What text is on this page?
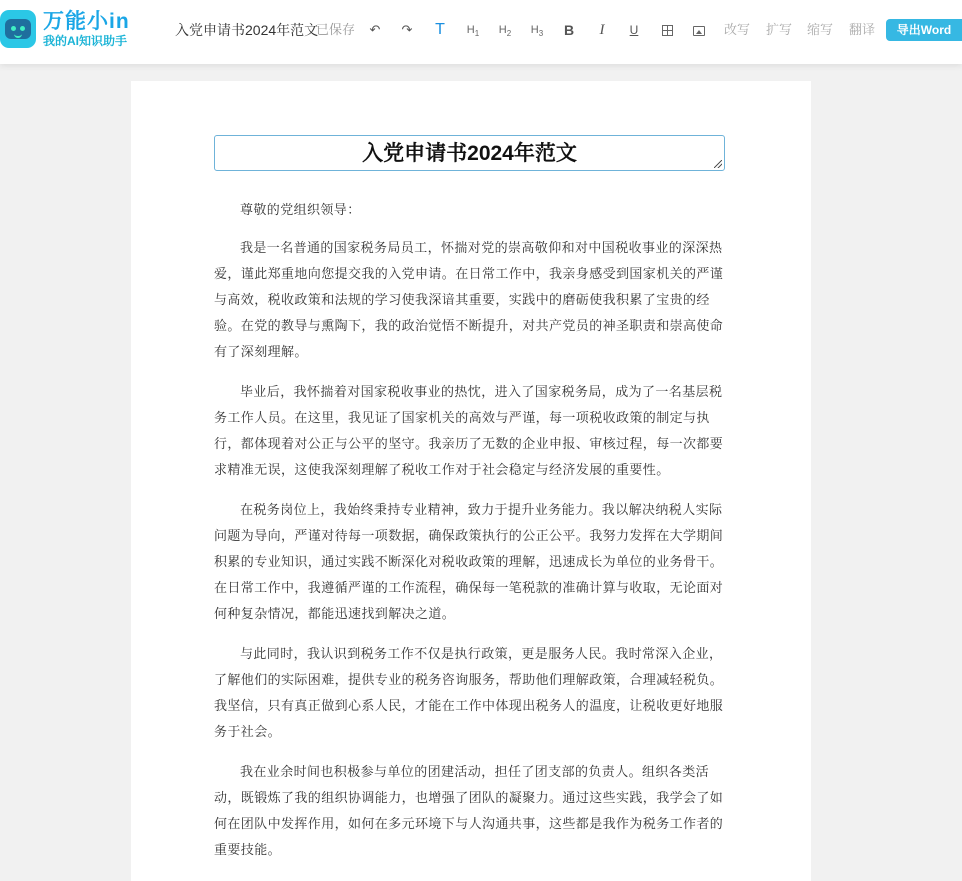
万能小in
我的AI知识助手
入党申请书2024年范文
已保存 ↶ ↷ T	$H_1$ $H_2$ $H_3$ B	I	U	改写 扩写 缩写 翻译	导出Word
入党申请书2024年范文

尊敬的党组织领导：

我是一名普通的国家税务局员工，怀揣对党的崇高敬仰和对中国税收事业的深深热爱，谨此郑重地向您提交我的入党申请。在日常工作中，我亲身感受到国家机关的严谨与高效，税收政策和法规的学习使我深谙其重要，实践中的磨砺使我积累了宝贵的经验。在党的教导与熏陶下，我的政治觉悟不断提升，对共产党员的神圣职责和崇高使命有了深刻理解。

毕业后，我怀揣着对国家税收事业的热忱，进入了国家税务局，成为了一名基层税务工作人员。在这里，我见证了国家机关的高效与严谨，每一项税收政策的制定与执行，都体现着对公正与公平的坚守。我亲历了无数的企业申报、审核过程，每一次都要求精准无误，这使我深刻理解了税收工作对于社会稳定与经济发展的重要性。

在税务岗位上，我始终秉持专业精神，致力于提升业务能力。我以解决纳税人实际问题为导向，严谨对待每一项数据，确保政策执行的公正公平。我努力发挥在大学期间积累的专业知识，通过实践不断深化对税收政策的理解，迅速成长为单位的业务骨干。在日常工作中，我遵循严谨的工作流程，确保每一笔税款的准确计算与收取，无论面对何种复杂情况，都能迅速找到解决之道。

与此同时，我认识到税务工作不仅是执行政策，更是服务人民。我时常深入企业，了解他们的实际困难，提供专业的税务咨询服务，帮助他们理解政策，合理减轻税负。我坚信，只有真正做到心系人民，才能在工作中体现出税务人的温度，让税收更好地服务于社会。

我在业余时间也积极参与单位的团建活动，担任了团支部的负责人。组织各类活动，既锻炼了我的组织协调能力，也增强了团队的凝聚力。通过这些实践，我学会了如何在团队中发挥作用，如何在多元环境下与人沟通共事，这些都是我作为税务工作者的重要技能。
